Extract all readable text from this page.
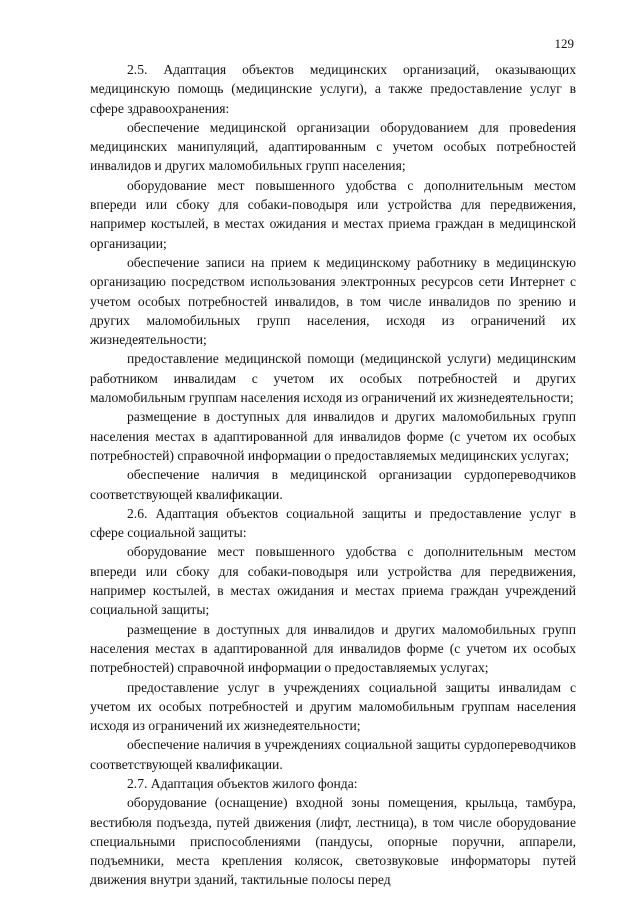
129

2.5. Адаптация объектов медицинских организаций, оказывающих медицинскую помощь (медицинские услуги), а также предоставление услуг в сфере здравоохранения:

обеспечение медицинской организации оборудованием для провеdения медицинских манипуляций, адаптированным с учетом особых потребностей инвалидов и других маломобильных групп населения;

оборудование мест повышенного удобства с дополнительным местом впереди или сбоку для собаки-поводыря или устройства для передвижения, например костылей, в местах ожидания и местах приема граждан в медицинской организации;

обеспечение записи на прием к медицинскому работнику в медицинскую организацию посредством использования электронных ресурсов сети Интернет с учетом особых потребностей инвалидов, в том числе инвалидов по зрению и других маломобильных групп населения, исходя из ограничений их жизнедеятельности;

предоставление медицинской помощи (медицинской услуги) медицинским работником инвалидам с учетом их особых потребностей и других маломобильным группам населения исходя из ограничений их жизнедеятельности;

размещение в доступных для инвалидов и других маломобильных групп населения местах в адаптированной для инвалидов форме (с учетом их особых потребностей) справочной информации о предоставляемых медицинских услугах;

обеспечение наличия в медицинской организации сурдопереводчиков соответствующей квалификации.

2.6. Адаптация объектов социальной защиты и предоставление услуг в сфере социальной защиты:

оборудование мест повышенного удобства с дополнительным местом впереди или сбоку для собаки-поводыря или устройства для передвижения, например костылей, в местах ожидания и местах приема граждан учреждений социальной защиты;

размещение в доступных для инвалидов и других маломобильных групп населения местах в адаптированной для инвалидов форме (с учетом их особых потребностей) справочной информации о предоставляемых услугах;

предоставление услуг в учреждениях социальной защиты инвалидам с учетом их особых потребностей и другим маломобильным группам населения исходя из ограничений их жизнедеятельности;

обеспечение наличия в учреждениях социальной защиты сурдопереводчиков соответствующей квалификации.

2.7. Адаптация объектов жилого фонда:

оборудование (оснащение) входной зоны помещения, крыльца, тамбура, вестибюля подъезда, путей движения (лифт, лестница), в том числе оборудование специальными приспособлениями (пандусы, опорные поручни, аппарели, подъемники, места крепления колясок, светозвуковые информаторы путей движения внутри зданий, тактильные полосы перед
